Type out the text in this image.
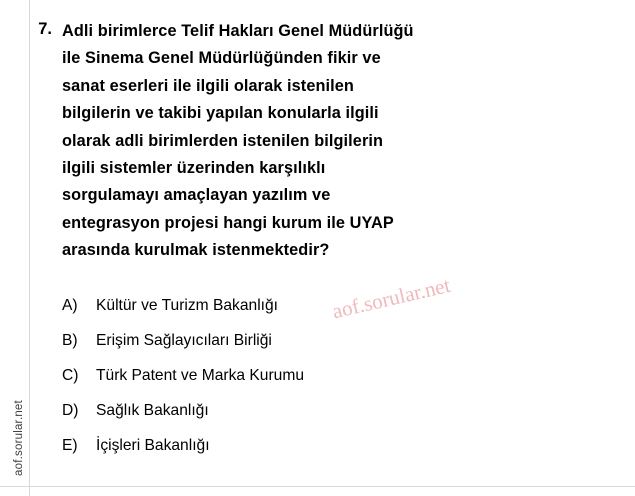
aof.sorular.net
7. Adli birimlerce Telif Hakları Genel Müdürlüğü
ile Sinema Genel Müdürlüğünden fikir ve
sanat eserleri ile ilgili olarak istenilen
bilgilerin ve takibi yapılan konularla ilgili
olarak adli birimlerden istenilen bilgilerin
ilgili sistemler üzerinden karşılıklı
sorgulamayı amaçlayan yazılım ve
entegrasyon projesi hangi kurum ile UYAP
arasında kurulmak istenmektedir?
A)	Kültür ve Turizm Bakanlığı
B)	Erişim Sağlayıcıları Birliği
C)	Türk Patent ve Marka Kurumu
D)	Sağlık Bakanlığı
E)	İçişleri Bakanlığı
aof.sorular.net
